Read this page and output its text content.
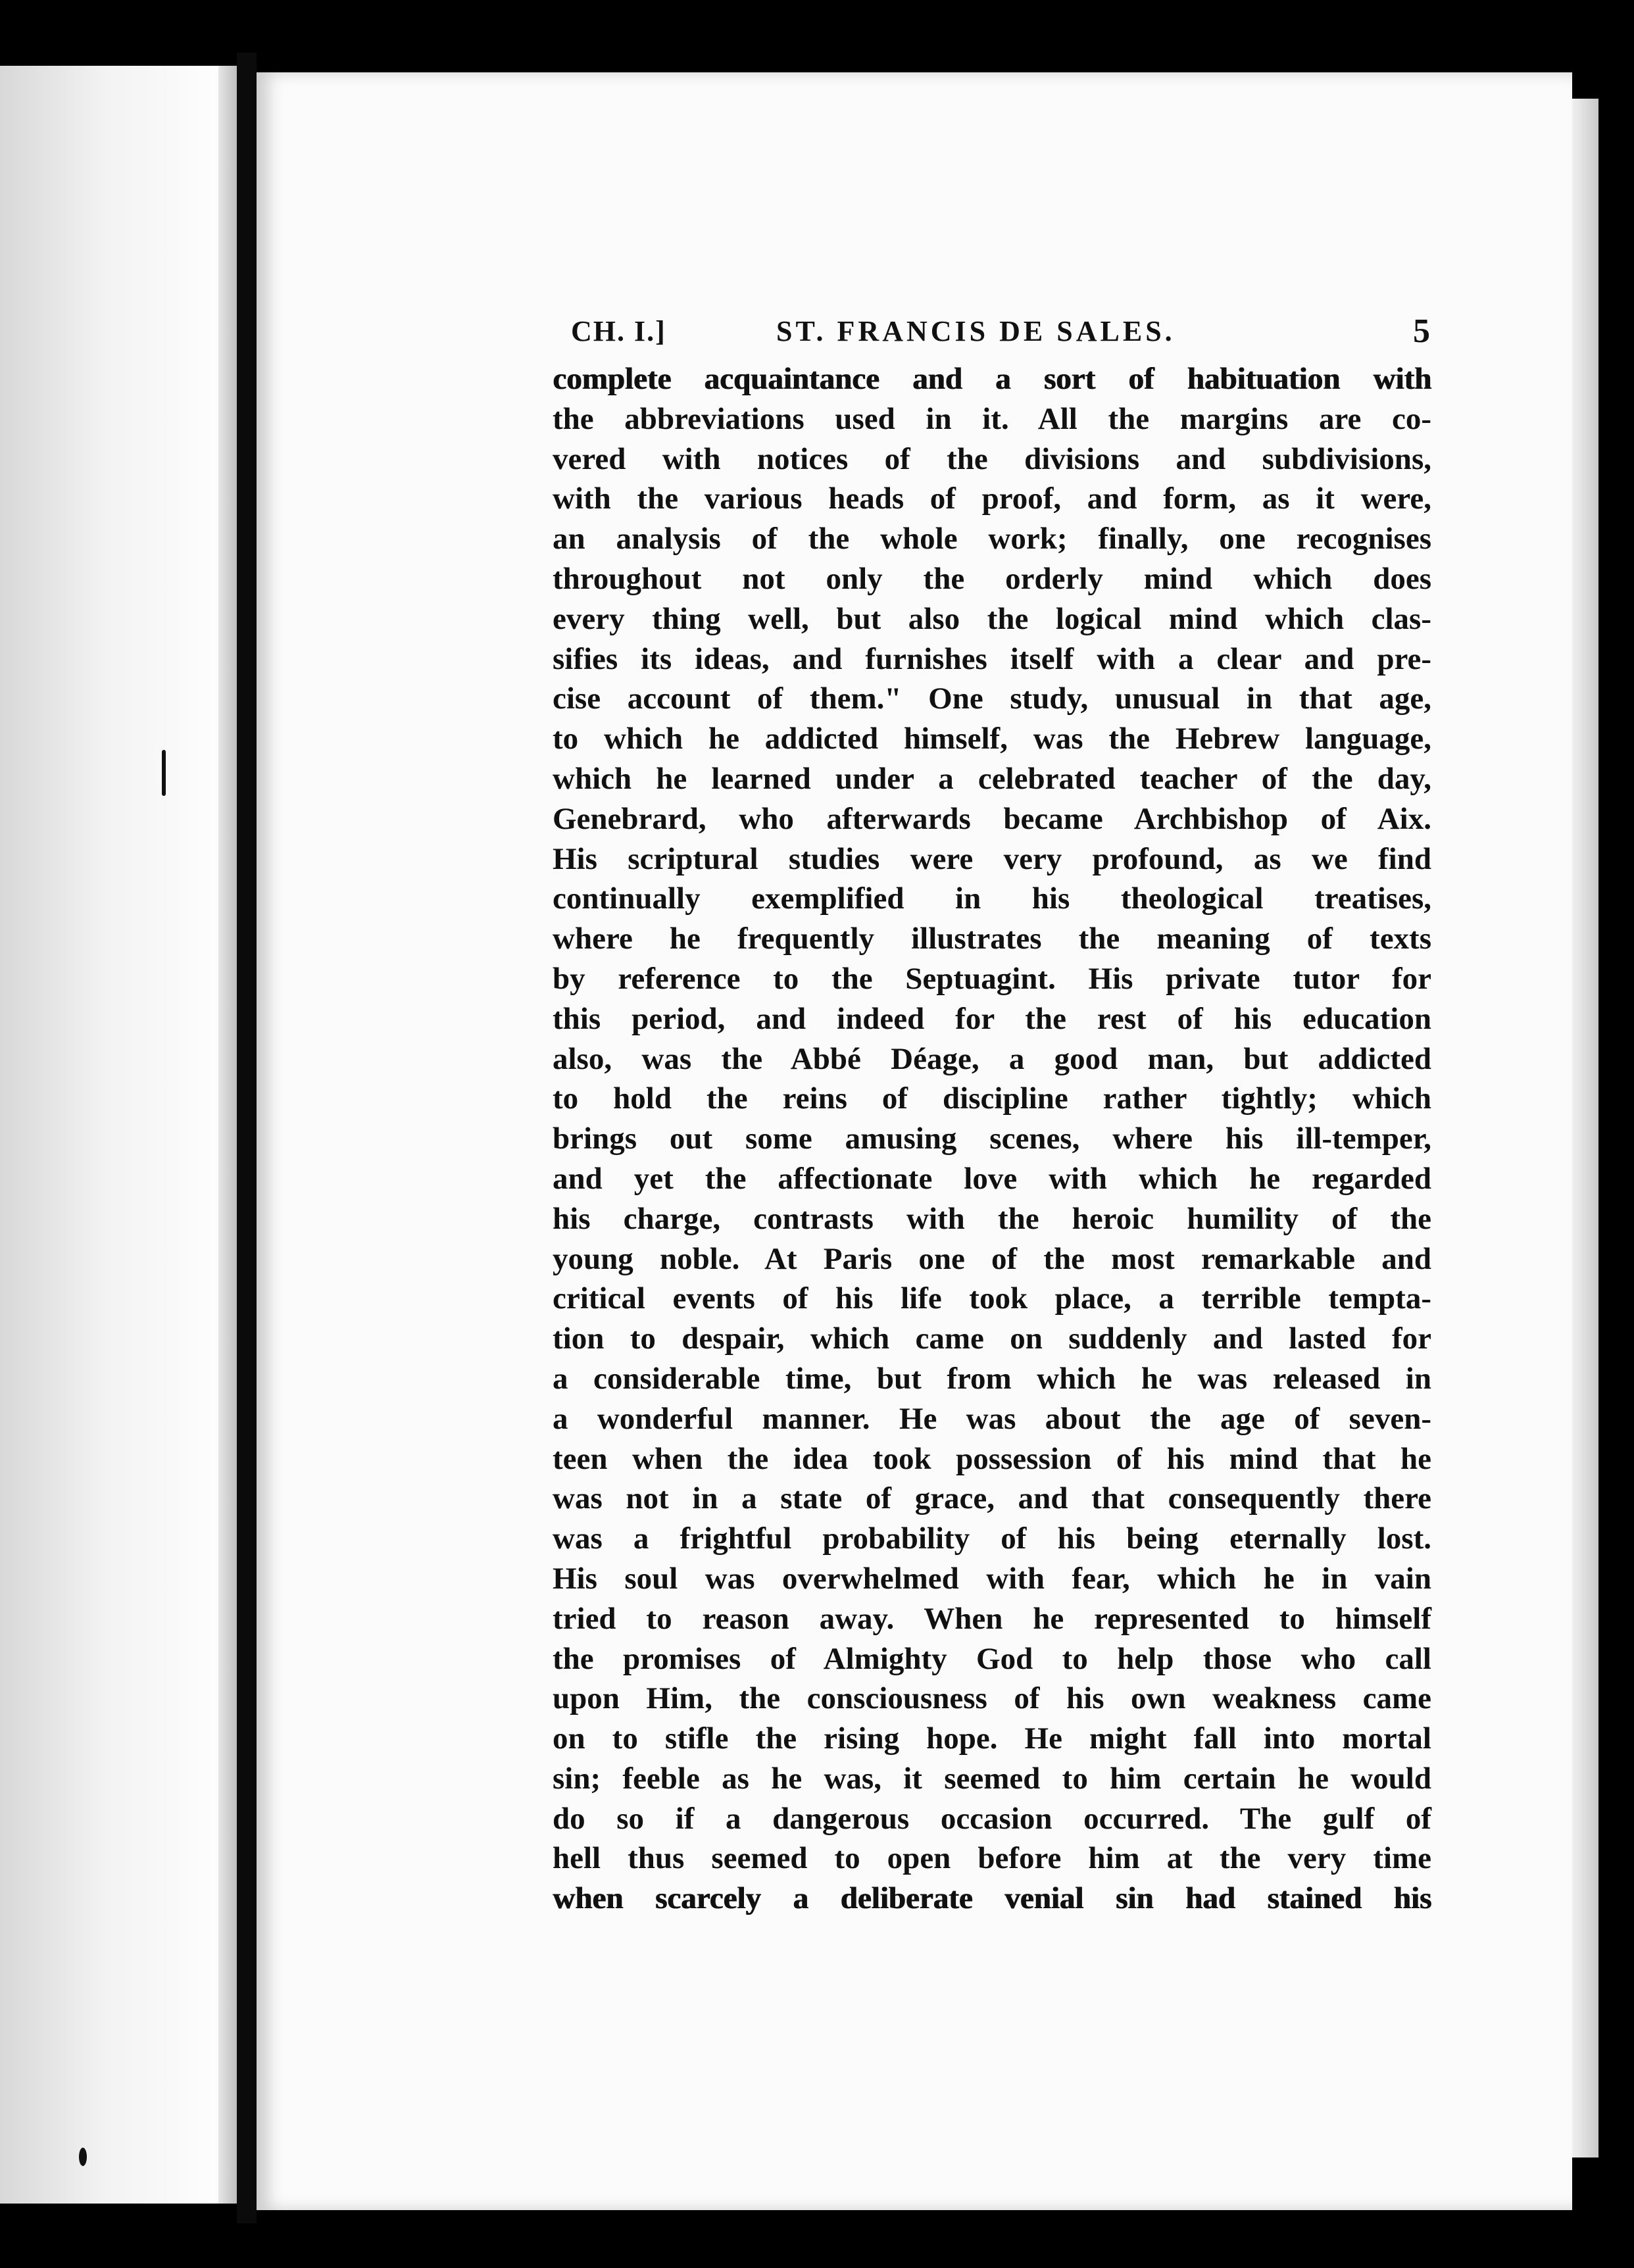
CH. I.]	ST. FRANCIS DE SALES.	5
complete acquaintance and a sort of habituation with
the abbreviations used in it. All the margins are co-
vered with notices of the divisions and subdivisions,
with the various heads of proof, and form, as it were,
an analysis of the whole work; finally, one recognises
throughout not only the orderly mind which does
every thing well, but also the logical mind which clas-
sifies its ideas, and furnishes itself with a clear and pre-
cise account of them." One study, unusual in that age,
to which he addicted himself, was the Hebrew language,
which he learned under a celebrated teacher of the day,
Genebrard, who afterwards became Archbishop of Aix.
His scriptural studies were very profound, as we find
continually exemplified in his theological treatises,
where he frequently illustrates the meaning of texts
by reference to the Septuagint. His private tutor for
this period, and indeed for the rest of his education
also, was the Abbé Déage, a good man, but addicted
to hold the reins of discipline rather tightly; which
brings out some amusing scenes, where his ill-temper,
and yet the affectionate love with which he regarded
his charge, contrasts with the heroic humility of the
young noble. At Paris one of the most remarkable and
critical events of his life took place, a terrible tempta-
tion to despair, which came on suddenly and lasted for
a considerable time, but from which he was released in
a wonderful manner. He was about the age of seven-
teen when the idea took possession of his mind that he
was not in a state of grace, and that consequently there
was a frightful probability of his being eternally lost.
His soul was overwhelmed with fear, which he in vain
tried to reason away. When he represented to himself
the promises of Almighty God to help those who call
upon Him, the consciousness of his own weakness came
on to stifle the rising hope. He might fall into mortal
sin; feeble as he was, it seemed to him certain he would
do so if a dangerous occasion occurred. The gulf of
hell thus seemed to open before him at the very time
when scarcely a deliberate venial sin had stained his
